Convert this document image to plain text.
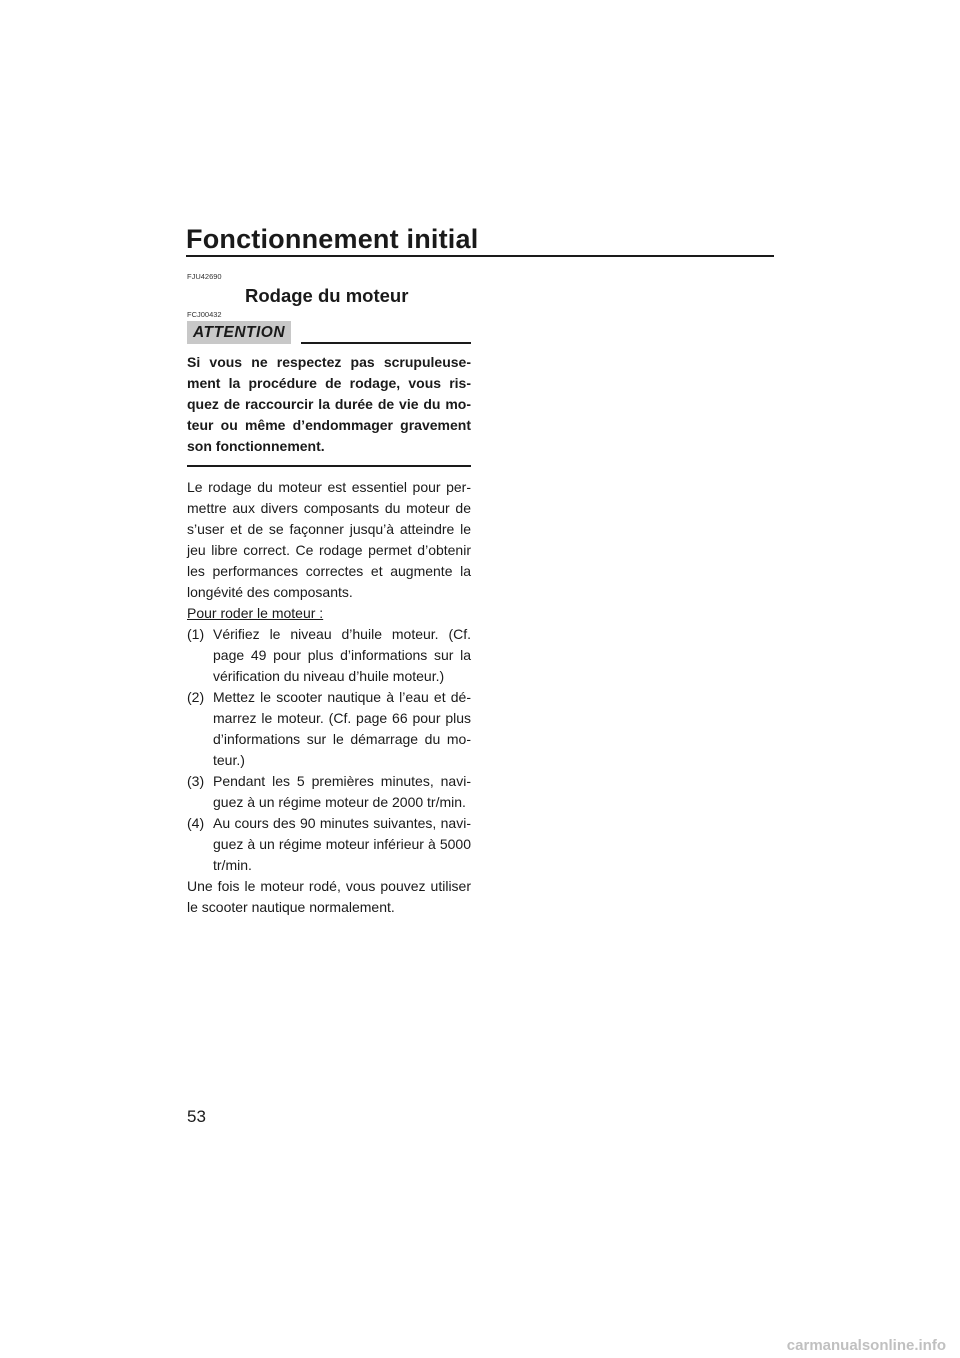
Fonctionnement initial
FJU42690
Rodage du moteur
FCJ00432
ATTENTION
Si vous ne respectez pas scrupuleuse-ment la procédure de rodage, vous ris-quez de raccourcir la durée de vie du mo-teur ou même d’endommager gravement son fonctionnement.
Le rodage du moteur est essentiel pour per-mettre aux divers composants du moteur de s’user et de se façonner jusqu’à atteindre le jeu libre correct. Ce rodage permet d’obtenir les performances correctes et augmente la longévité des composants.
Pour roder le moteur :
(1) Vérifiez le niveau d’huile moteur. (Cf. page 49 pour plus d’informations sur la vérification du niveau d’huile moteur.)
(2) Mettez le scooter nautique à l’eau et dé-marrez le moteur. (Cf. page 66 pour plus d’informations sur le démarrage du mo-teur.)
(3) Pendant les 5 premières minutes, navi-guez à un régime moteur de 2000 tr/min.
(4) Au cours des 90 minutes suivantes, navi-guez à un régime moteur inférieur à 5000 tr/min.
Une fois le moteur rodé, vous pouvez utiliser le scooter nautique normalement.
53
carmanualsonline.info
